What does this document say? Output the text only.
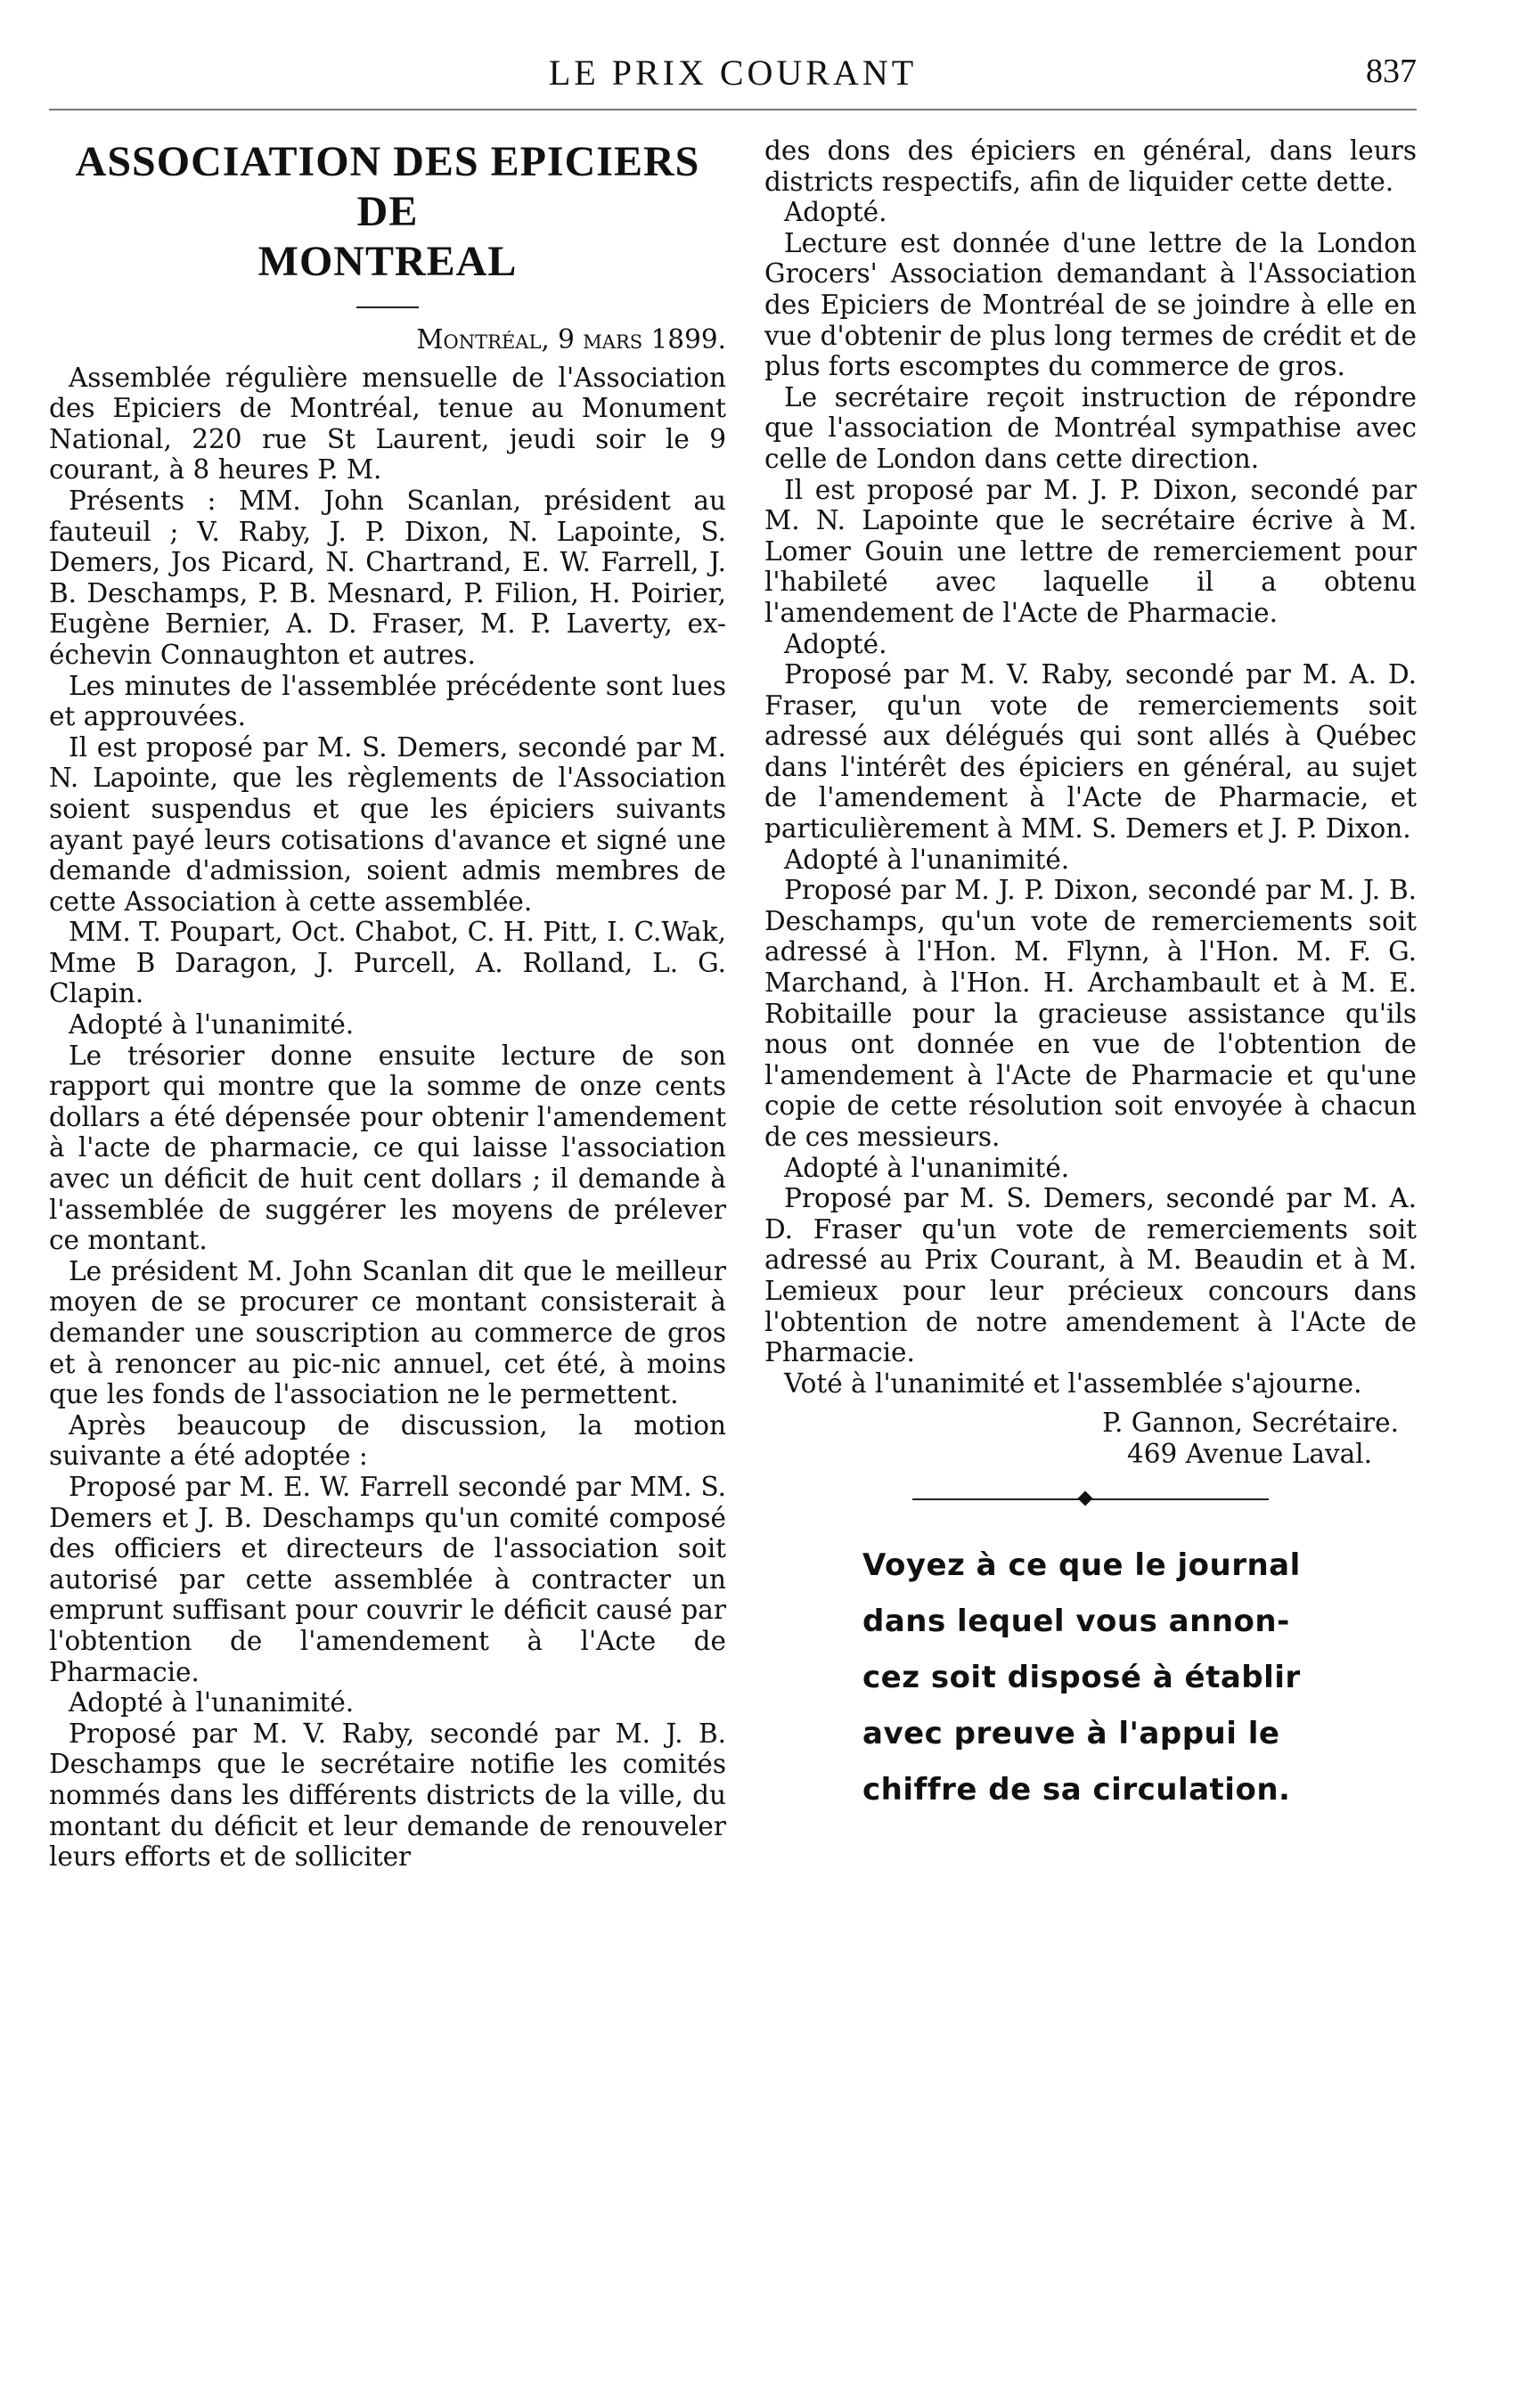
LE PRIX COURANT	837
ASSOCIATION DES EPICIERS DE
MONTREAL
Montréal, 9 mars 1899.

Assemblée régulière mensuelle de l'Association des Epiciers de Montréal, tenue au Monument National, 220 rue St Laurent, jeudi soir le 9 courant, à 8 heures P. M.

Présents : MM. John Scanlan, président au fauteuil ; V. Raby, J. P. Dixon, N. Lapointe, S. Demers, Jos Picard, N. Chartrand, E. W. Farrell, J. B. Deschamps, P. B. Mesnard, P. Filion, H. Poirier, Eugène Bernier, A. D. Fraser, M. P. Laverty, ex-échevin Connaughton et autres.

Les minutes de l'assemblée précédente sont lues et approuvées.

Il est proposé par M. S. Demers, secondé par M. N. Lapointe, que les règlements de l'Association soient suspendus et que les épiciers suivants ayant payé leurs cotisations d'avance et signé une demande d'admission, soient admis membres de cette Association à cette assemblée.

MM. T. Poupart, Oct. Chabot, C. H. Pitt, I. C.Wak, Mme B Daragon, J. Purcell, A. Rolland, L. G. Clapin.

Adopté à l'unanimité.

Le trésorier donne ensuite lecture de son rapport qui montre que la somme de onze cents dollars a été dépensée pour obtenir l'amendement à l'acte de pharmacie, ce qui laisse l'association avec un déficit de huit cent dollars ; il demande à l'assemblée de suggérer les moyens de prélever ce montant.

Le président M. John Scanlan dit que le meilleur moyen de se procurer ce montant consisterait à demander une souscription au commerce de gros et à renoncer au pic-nic annuel, cet été, à moins que les fonds de l'association ne le permettent.

Après beaucoup de discussion, la motion suivante a été adoptée :

Proposé par M. E. W. Farrell secondé par MM. S. Demers et J. B. Deschamps qu'un comité composé des officiers et directeurs de l'association soit autorisé par cette assemblée à contracter un emprunt suffisant pour couvrir le déficit causé par l'obtention de l'amendement à l'Acte de Pharmacie.

Adopté à l'unanimité.

Proposé par M. V. Raby, secondé par M. J. B. Deschamps que le secrétaire notifie les comités nommés dans les différents districts de la ville, du montant du déficit et leur demande de renouveler leurs efforts et de solliciter

des dons des épiciers en général, dans leurs districts respectifs, afin de liquider cette dette.

Adopté.

Lecture est donnée d'une lettre de la London Grocers' Association demandant à l'Association des Epiciers de Montréal de se joindre à elle en vue d'obtenir de plus long termes de crédit et de plus forts escomptes du commerce de gros.

Le secrétaire reçoit instruction de répondre que l'association de Montréal sympathise avec celle de London dans cette direction.

Il est proposé par M. J. P. Dixon, secondé par M. N. Lapointe que le secrétaire écrive à M. Lomer Gouin une lettre de remerciement pour l'habileté avec laquelle il a obtenu l'amendement de l'Acte de Pharmacie.

Adopté.

Proposé par M. V. Raby, secondé par M. A. D. Fraser, qu'un vote de remerciements soit adressé aux délégués qui sont allés à Québec dans l'intérêt des épiciers en général, au sujet de l'amendement à l'Acte de Pharmacie, et particulièrement à MM. S. Demers et J. P. Dixon.

Adopté à l'unanimité.

Proposé par M. J. P. Dixon, secondé par M. J. B. Deschamps, qu'un vote de remerciements soit adressé à l'Hon. M. Flynn, à l'Hon. M. F. G. Marchand, à l'Hon. H. Archambault et à M. E. Robitaille pour la gracieuse assistance qu'ils nous ont donnée en vue de l'obtention de l'amendement à l'Acte de Pharmacie et qu'une copie de cette résolution soit envoyée à chacun de ces messieurs.

Adopté à l'unanimité.

Proposé par M. S. Demers, secondé par M. A. D. Fraser qu'un vote de remerciements soit adressé au Prix Courant, à M. Beaudin et à M. Lemieux pour leur précieux concours dans l'obtention de notre amendement à l'Acte de Pharmacie.

Voté à l'unanimité et l'assemblée s'ajourne.

P. Gannon, Secrétaire.

469 Avenue Laval.

Voyez à ce que le journal
dans lequel vous annon-
cez soit disposé à établir
avec preuve à l'appui le
chiffre de sa circulation.
